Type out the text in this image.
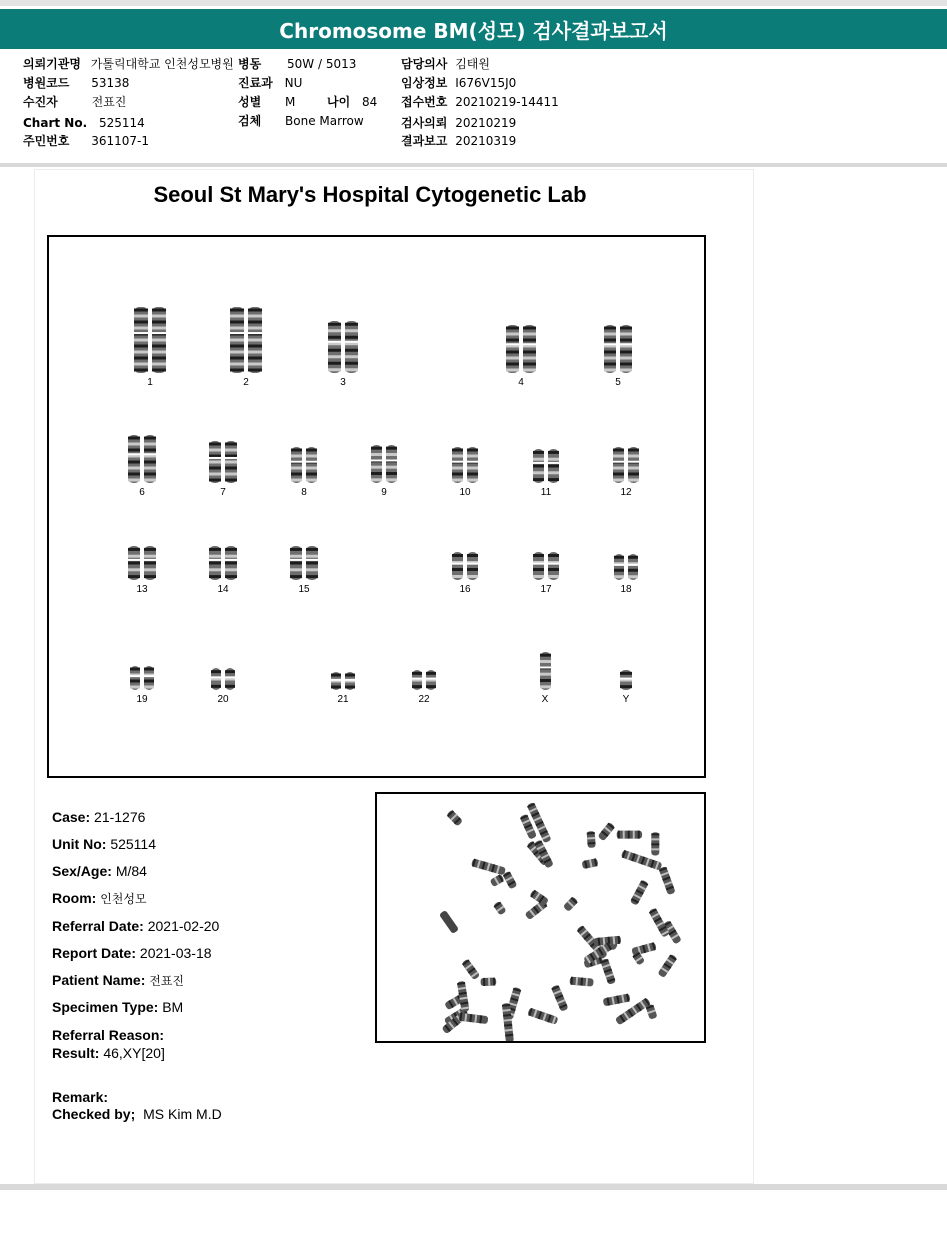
Chromosome BM(성모) 검사결과보고서
의뢰기관명 가톨릭대학교 인천성모병원 병동 50W / 5013	담당의사 김태원
병원코드 53138	진료과 NU	임상정보 I676V15J0
수진자	전표진	성별 M	나이 84 접수번호 20210219-14411
Chart No. 525114	검체 Bone Marrow	검사의뢰 20210219
주민번호 361107-1	결과보고 20210319
Seoul St Mary's Hospital Cytogenetic Lab
1	2	3	4	5
6	7	8	9	10	11	12
13	14	15	16	17	18
19	20	21	22	X	Y
Case: 21-1276
Unit No: 525114
Sex/Age: M/84
Room: 인천성모
Referral Date: 2021-02-20
Report Date: 2021-03-18
Patient Name: 전표진
Specimen Type: BM
Referral Reason:
Result: 46,XY[20]
Remark:
Checked by; MS Kim M.D
